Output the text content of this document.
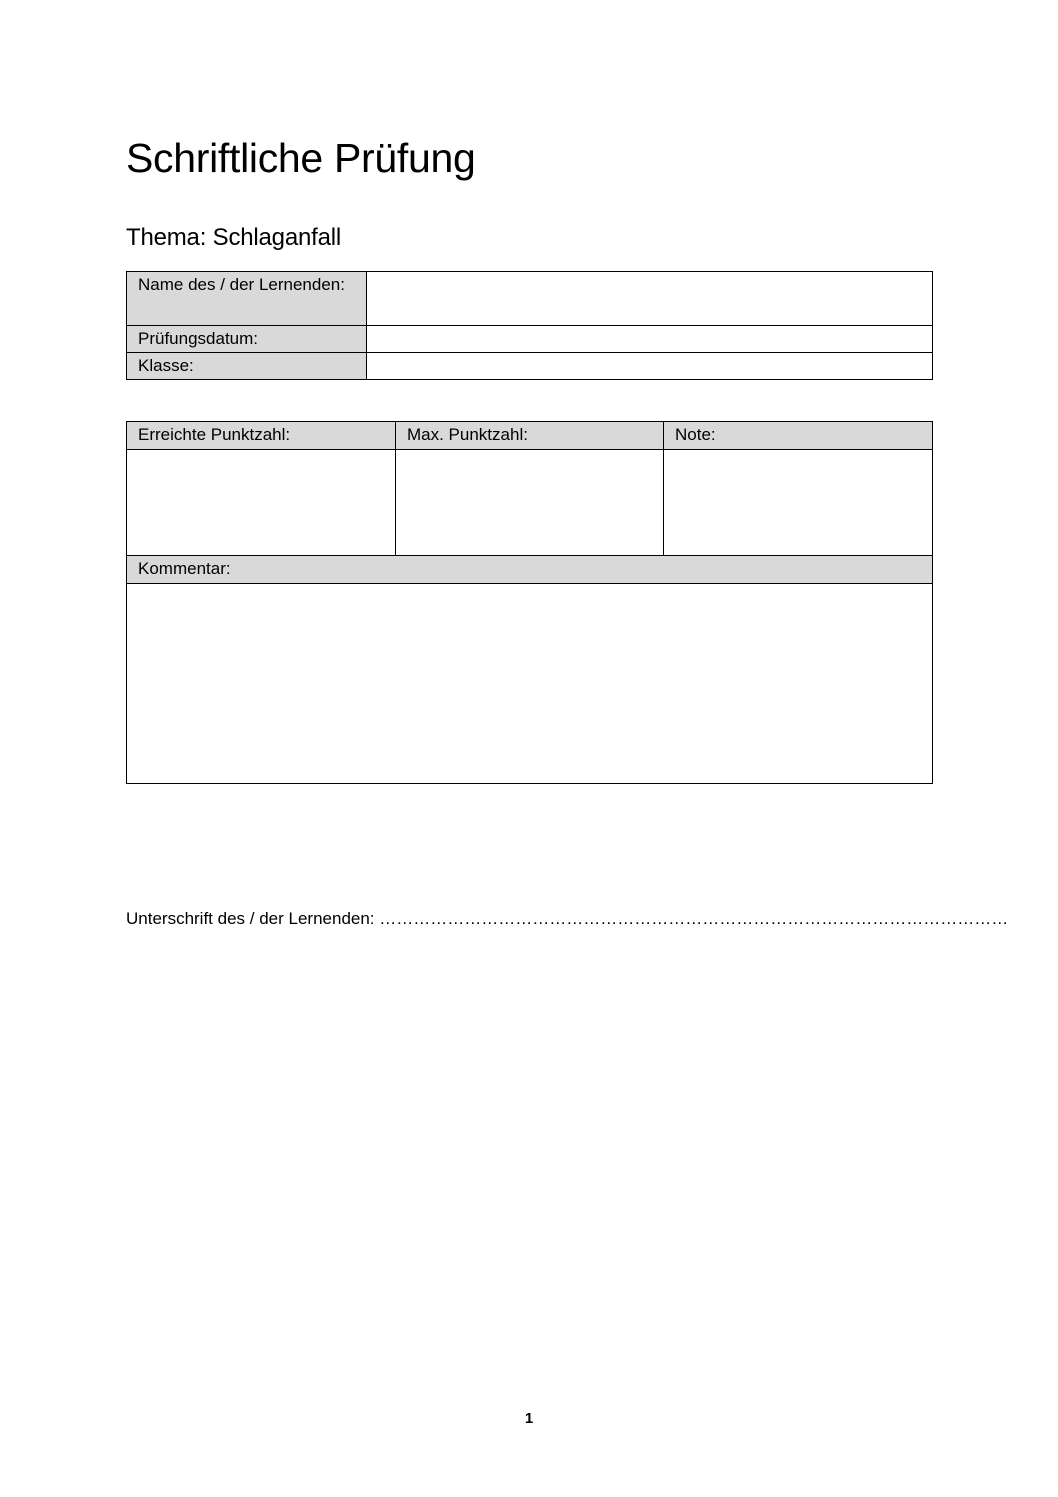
Schriftliche Prüfung
Thema: Schlaganfall
Name des / der Lernenden:	
Prüfungsdatum:	
Klasse:	
Erreichte Punktzahl:	Max. Punktzahl:	Note:

Kommentar:		

Unterschrift des / der Lernenden: …………………………………………………………………………………………………
1
